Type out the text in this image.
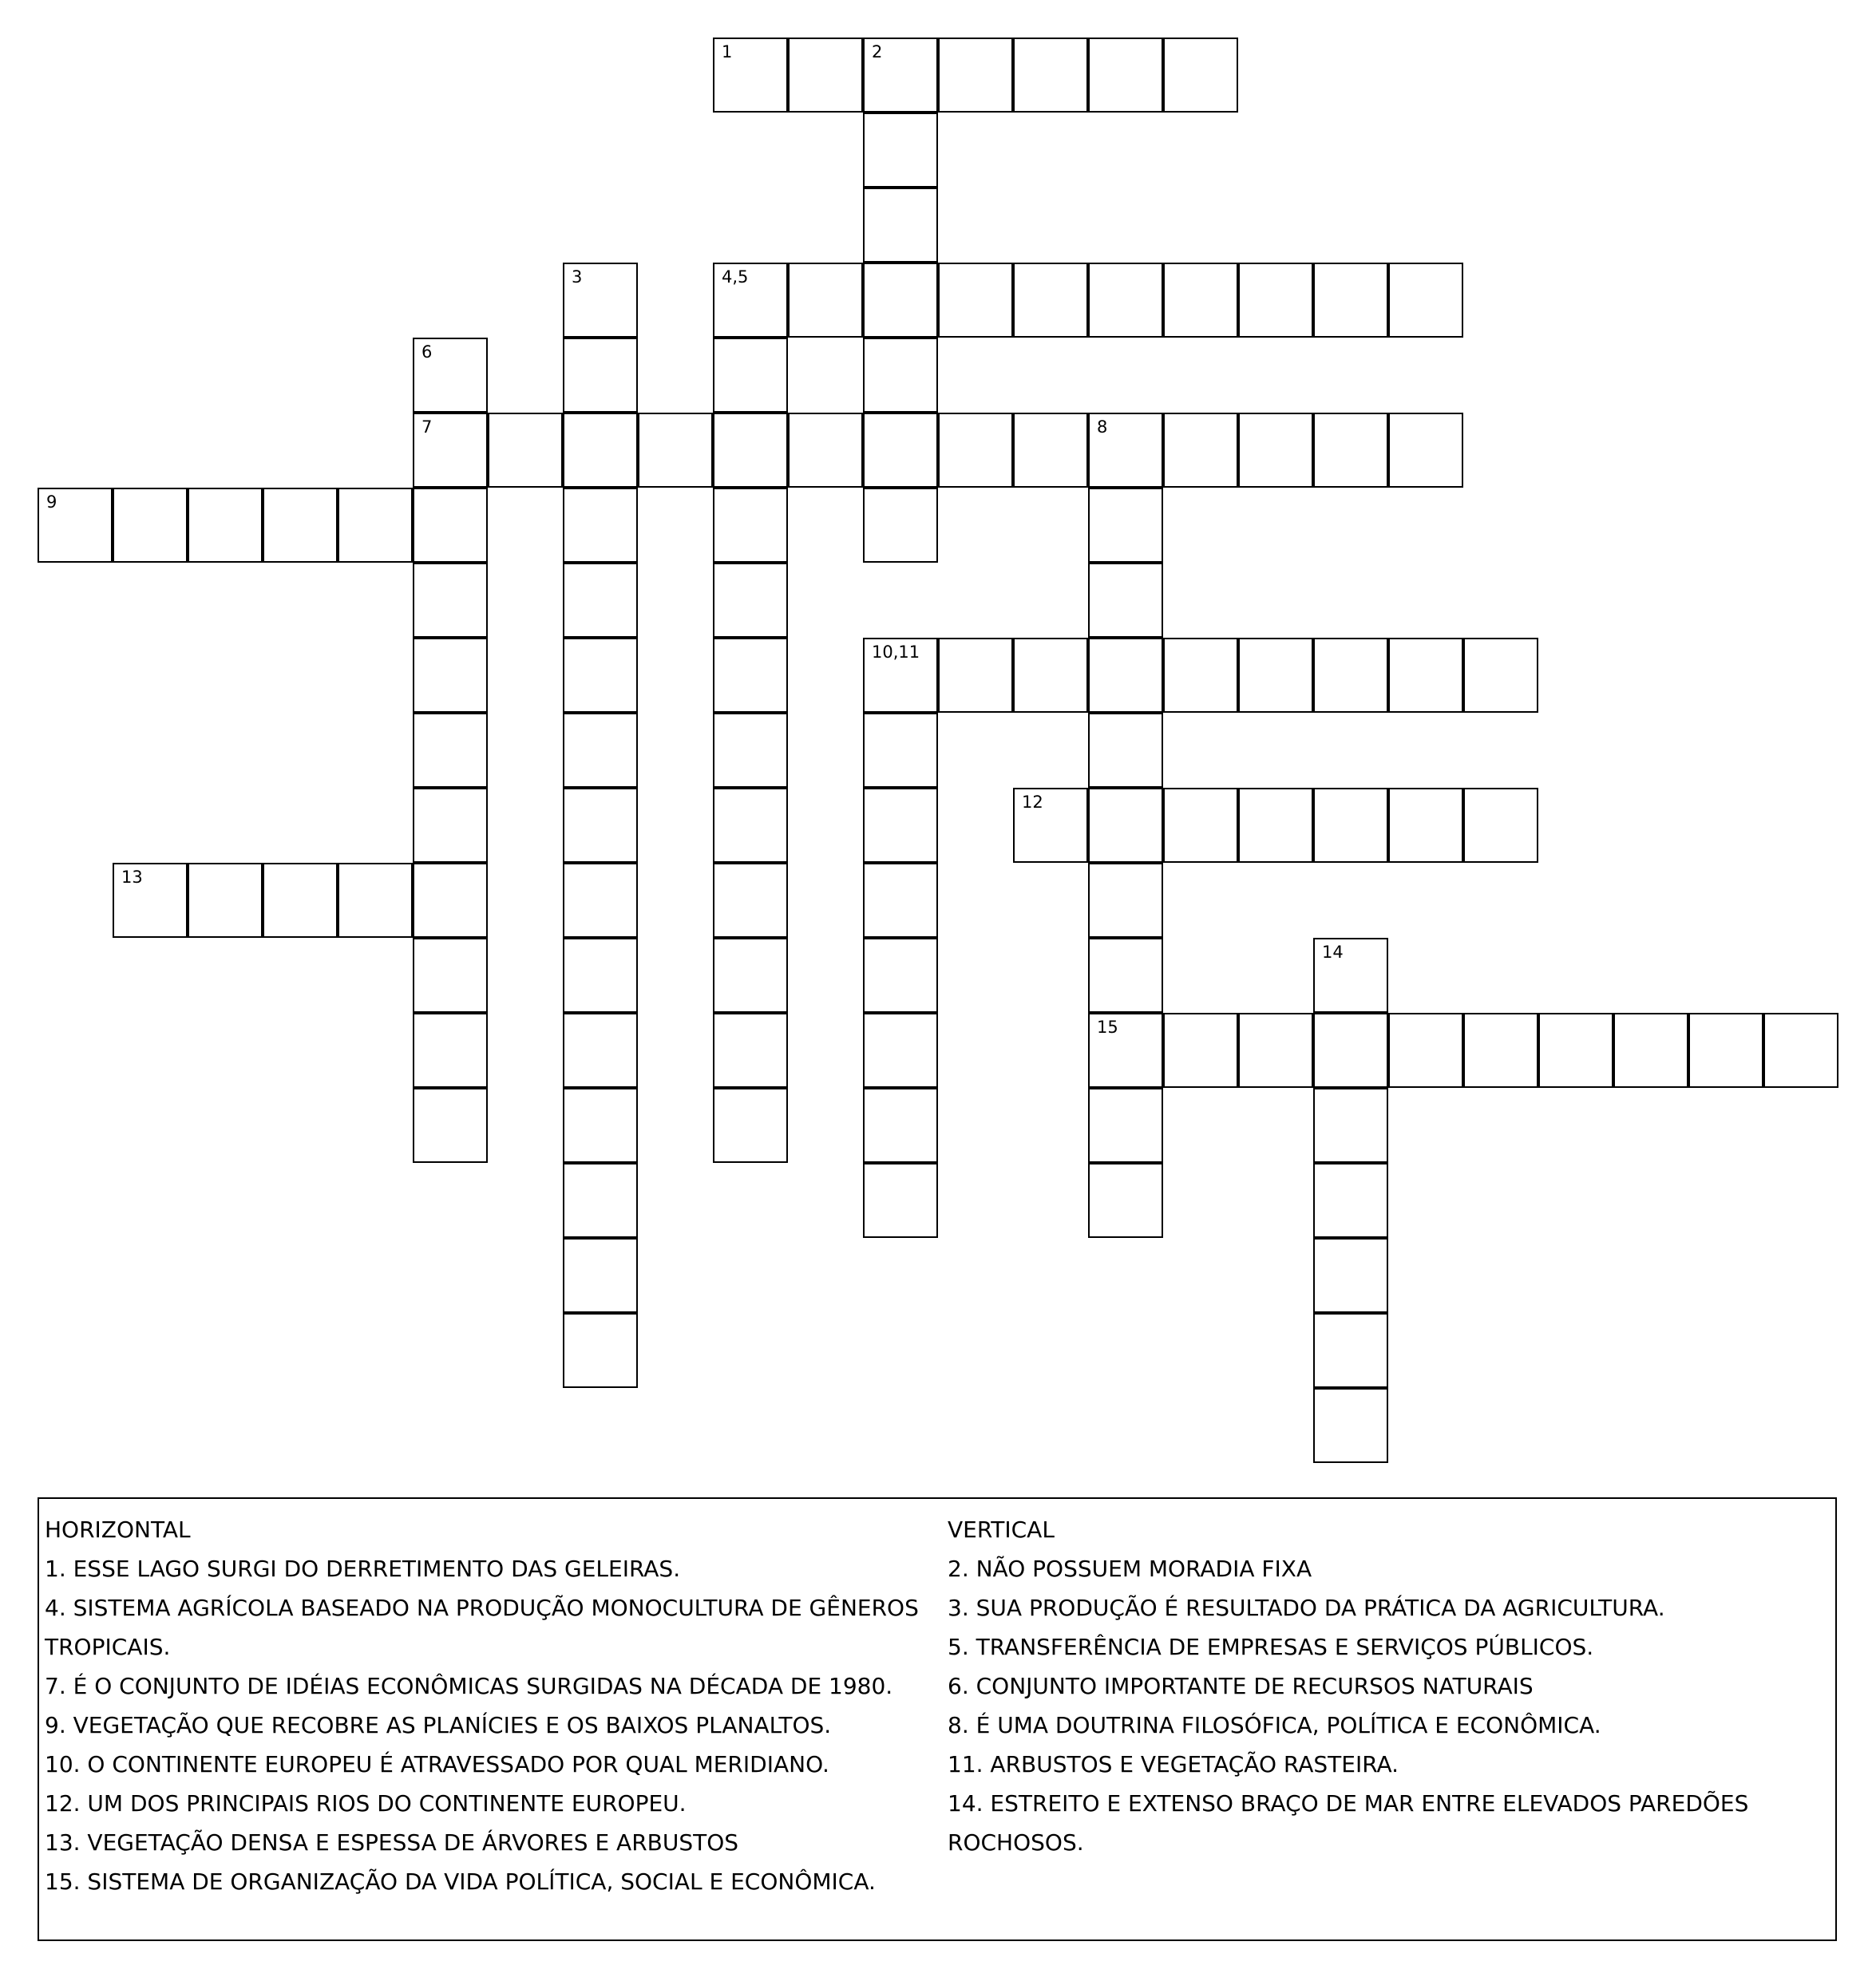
1	2
4,5
7	8
9
10,11
12
13
15
3
6
14

HORIZONTAL

1. ESSE LAGO SURGI DO DERRETIMENTO DAS GELEIRAS.

4. SISTEMA AGRÍCOLA BASEADO NA PRODUÇÃO MONOCULTURA DE GÊNEROS TROPICAIS.

7. É O CONJUNTO DE IDÉIAS ECONÔMICAS SURGIDAS NA DÉCADA DE 1980.

9. VEGETAÇÃO QUE RECOBRE AS PLANÍCIES E OS BAIXOS PLANALTOS.

10. O CONTINENTE EUROPEU É ATRAVESSADO POR QUAL MERIDIANO.

12. UM DOS PRINCIPAIS RIOS DO CONTINENTE EUROPEU.

13. VEGETAÇÃO DENSA E ESPESSA DE ÁRVORES E ARBUSTOS

15. SISTEMA DE ORGANIZAÇÃO DA VIDA POLÍTICA, SOCIAL E ECONÔMICA.

VERTICAL

2. NÃO POSSUEM MORADIA FIXA

3. SUA PRODUÇÃO É RESULTADO DA PRÁTICA DA AGRICULTURA.

5. TRANSFERÊNCIA DE EMPRESAS E SERVIÇOS PÚBLICOS.

6. CONJUNTO IMPORTANTE DE RECURSOS NATURAIS

8. É UMA DOUTRINA FILOSÓFICA, POLÍTICA E ECONÔMICA.

11. ARBUSTOS E VEGETAÇÃO RASTEIRA.

14. ESTREITO E EXTENSO BRAÇO DE MAR ENTRE ELEVADOS PAREDÕES ROCHOSOS.
